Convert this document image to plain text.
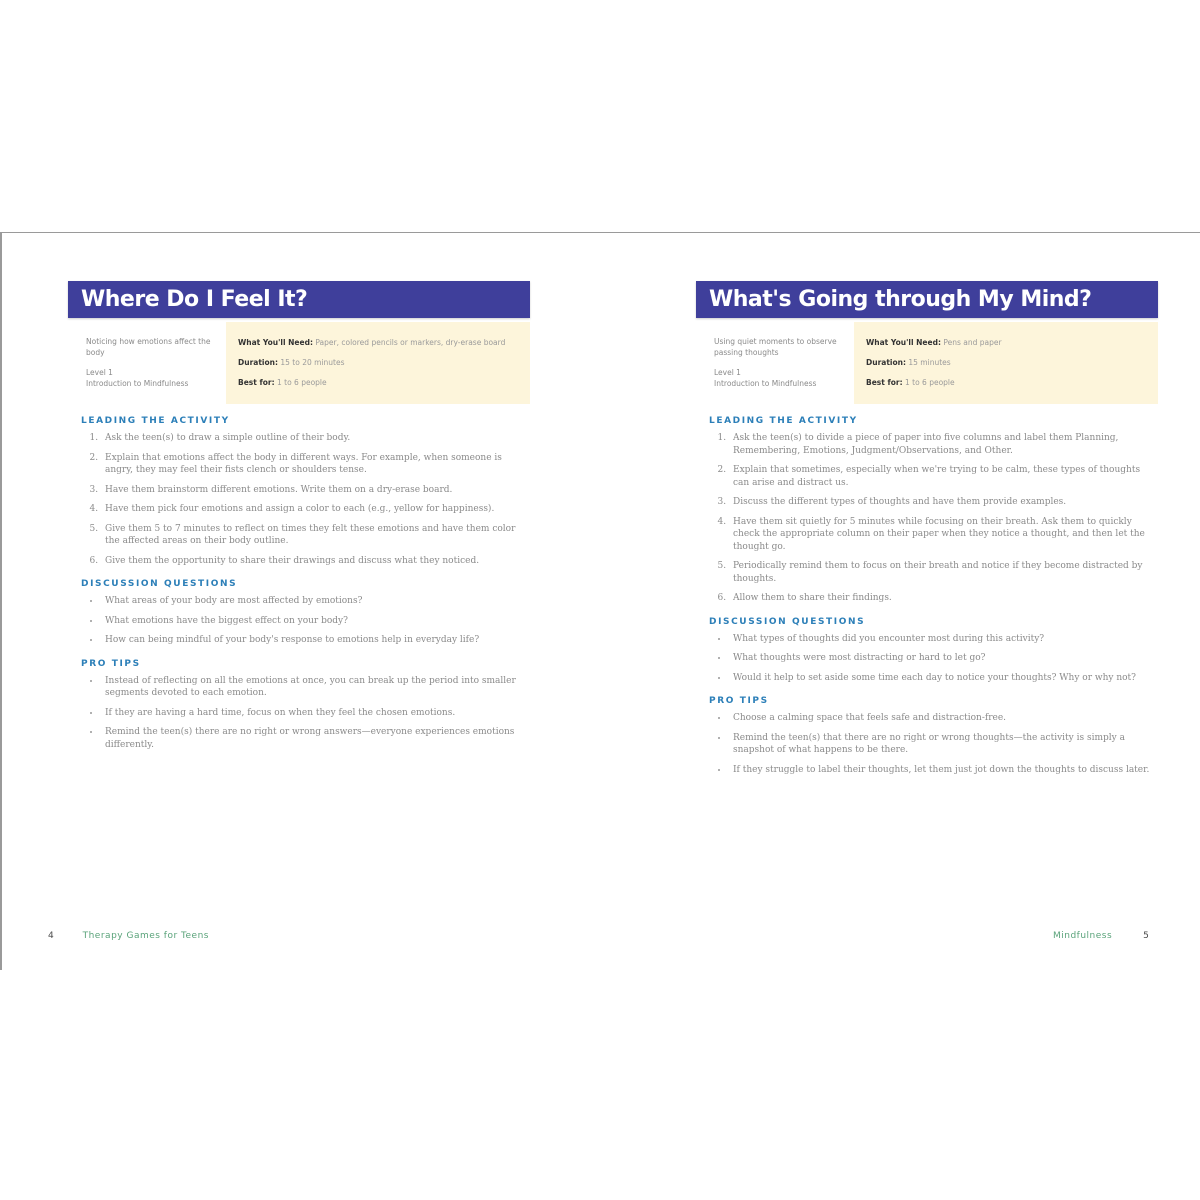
Where Do I Feel It?

Noticing how emotions affect the body

Level 1
Introduction to Mindfulness

What You'll Need: Paper, colored pencils or markers, dry-erase board

Duration: 15 to 20 minutes

Best for: 1 to 6 people

LEADING THE ACTIVITY
1. Ask the teen(s) to draw a simple outline of their body.
2. Explain that emotions affect the body in different ways. For example, when someone is angry, they may feel their fists clench or shoulders tense.
3. Have them brainstorm different emotions. Write them on a dry-erase board.
4. Have them pick four emotions and assign a color to each (e.g., yellow for happiness).
5. Give them 5 to 7 minutes to reflect on times they felt these emotions and have them color the affected areas on their body outline.
6. Give them the opportunity to share their drawings and discuss what they noticed.
DISCUSSION QUESTIONS
• What areas of your body are most affected by emotions?
• What emotions have the biggest effect on your body?
• How can being mindful of your body's response to emotions help in everyday life?
PRO TIPS
• Instead of reflecting on all the emotions at once, you can break up the period into smaller segments devoted to each emotion.
• If they are having a hard time, focus on when they feel the chosen emotions.
• Remind the teen(s) there are no right or wrong answers—everyone experiences emotions differently.
What's Going through My Mind?

Using quiet moments to observe passing thoughts

Level 1
Introduction to Mindfulness

What You'll Need: Pens and paper

Duration: 15 minutes

Best for: 1 to 6 people

LEADING THE ACTIVITY
1. Ask the teen(s) to divide a piece of paper into five columns and label them Planning, Remembering, Emotions, Judgment/Observations, and Other.
2. Explain that sometimes, especially when we're trying to be calm, these types of thoughts can arise and distract us.
3. Discuss the different types of thoughts and have them provide examples.
4. Have them sit quietly for 5 minutes while focusing on their breath. Ask them to quickly check the appropriate column on their paper when they notice a thought, and then let the thought go.
5. Periodically remind them to focus on their breath and notice if they become distracted by thoughts.
6. Allow them to share their findings.
DISCUSSION QUESTIONS
• What types of thoughts did you encounter most during this activity?
• What thoughts were most distracting or hard to let go?
• Would it help to set aside some time each day to notice your thoughts? Why or why not?
PRO TIPS
• Choose a calming space that feels safe and distraction-free.
• Remind the teen(s) that there are no right or wrong thoughts—the activity is simply a snapshot of what happens to be there.
• If they struggle to label their thoughts, let them just jot down the thoughts to discuss later.
4	Therapy Games for Teens	Mindfulness	5
